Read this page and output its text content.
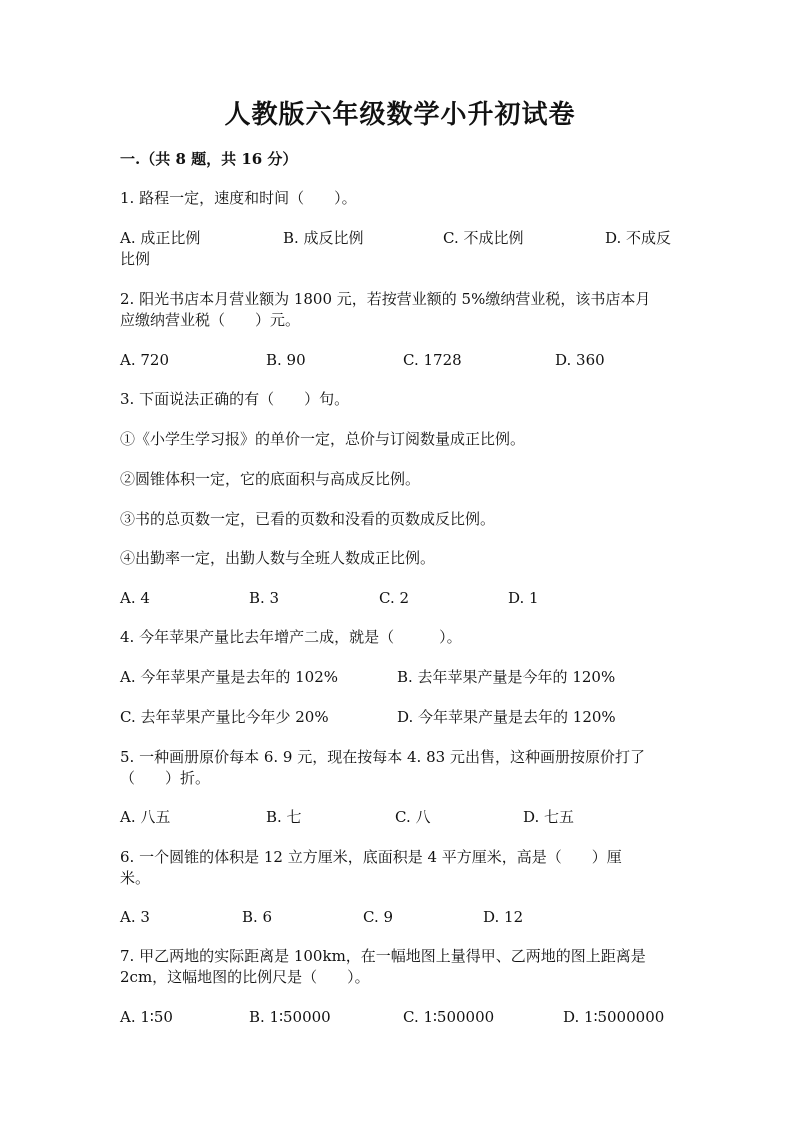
人教版六年级数学小升初试卷
一.（共 8 题，共 16 分）
1. 路程一定，速度和时间（　　）。
A. 成正比例	B. 成反比例	C. 不成比例	D. 不成反
比例
2. 阳光书店本月营业额为 1800 元，若按营业额的 5%缴纳营业税，该书店本月
应缴纳营业税（　　）元。
A. 720	B. 90	C. 1728	D. 360
3. 下面说法正确的有（　　）句。
①《小学生学习报》的单价一定，总价与订阅数量成正比例。
②圆锥体积一定，它的底面积与高成反比例。
③书的总页数一定，已看的页数和没看的页数成反比例。
④出勤率一定，出勤人数与全班人数成正比例。
A. 4	B. 3	C. 2	D. 1
4. 今年苹果产量比去年增产二成，就是（　　　）。
A. 今年苹果产量是去年的 102%	B. 去年苹果产量是今年的 120%
C. 去年苹果产量比今年少 20%	D. 今年苹果产量是去年的 120%
5. 一种画册原价每本 6. 9 元，现在按每本 4. 83 元出售，这种画册按原价打了
（　　）折。
A. 八五	B. 七	C. 八	D. 七五
6. 一个圆锥的体积是 12 立方厘米，底面积是 4 平方厘米，高是（　　）厘
米。
A. 3	B. 6	C. 9	D. 12
7. 甲乙两地的实际距离是 100km，在一幅地图上量得甲、乙两地的图上距离是
2cm，这幅地图的比例尺是（　　）。
A. 1∶50	B. 1∶50000	C. 1∶500000	D. 1∶5000000
